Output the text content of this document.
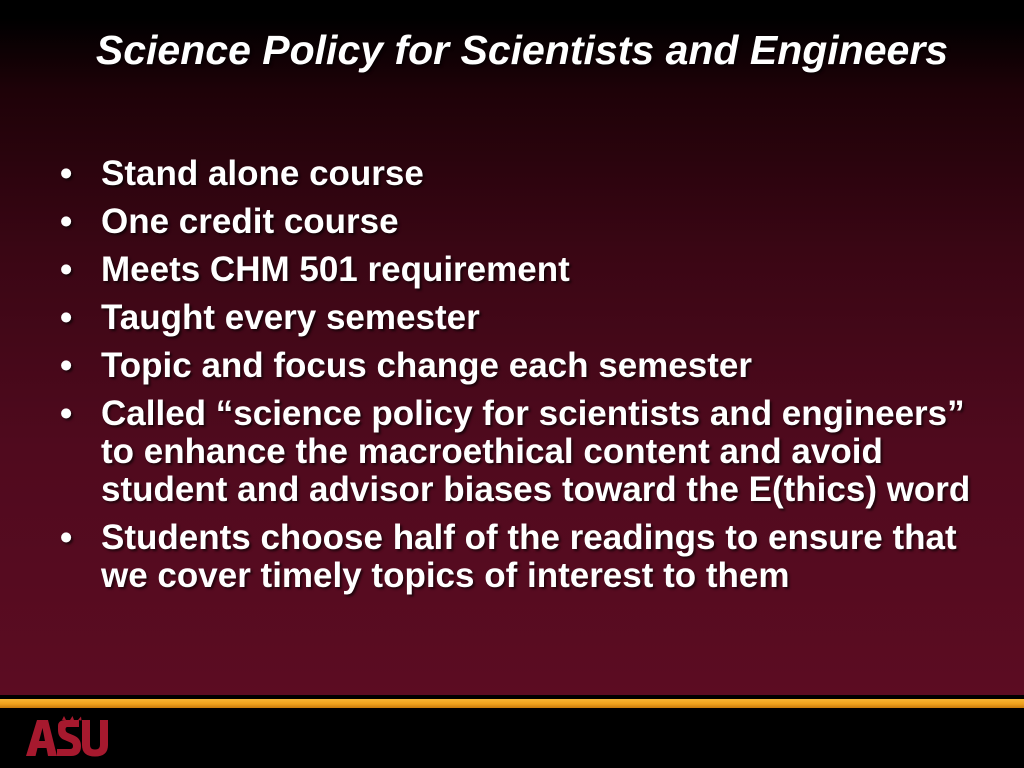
Science Policy for Scientists and Engineers
• Stand alone course
• One credit course
• Meets CHM 501 requirement
• Taught every semester
• Topic and focus change each semester
• Called “science policy for scientists and engineers” to enhance the macroethical content and avoid student and advisor biases toward the E(thics) word
• Students choose half of the readings to ensure that we cover timely topics of interest to them
